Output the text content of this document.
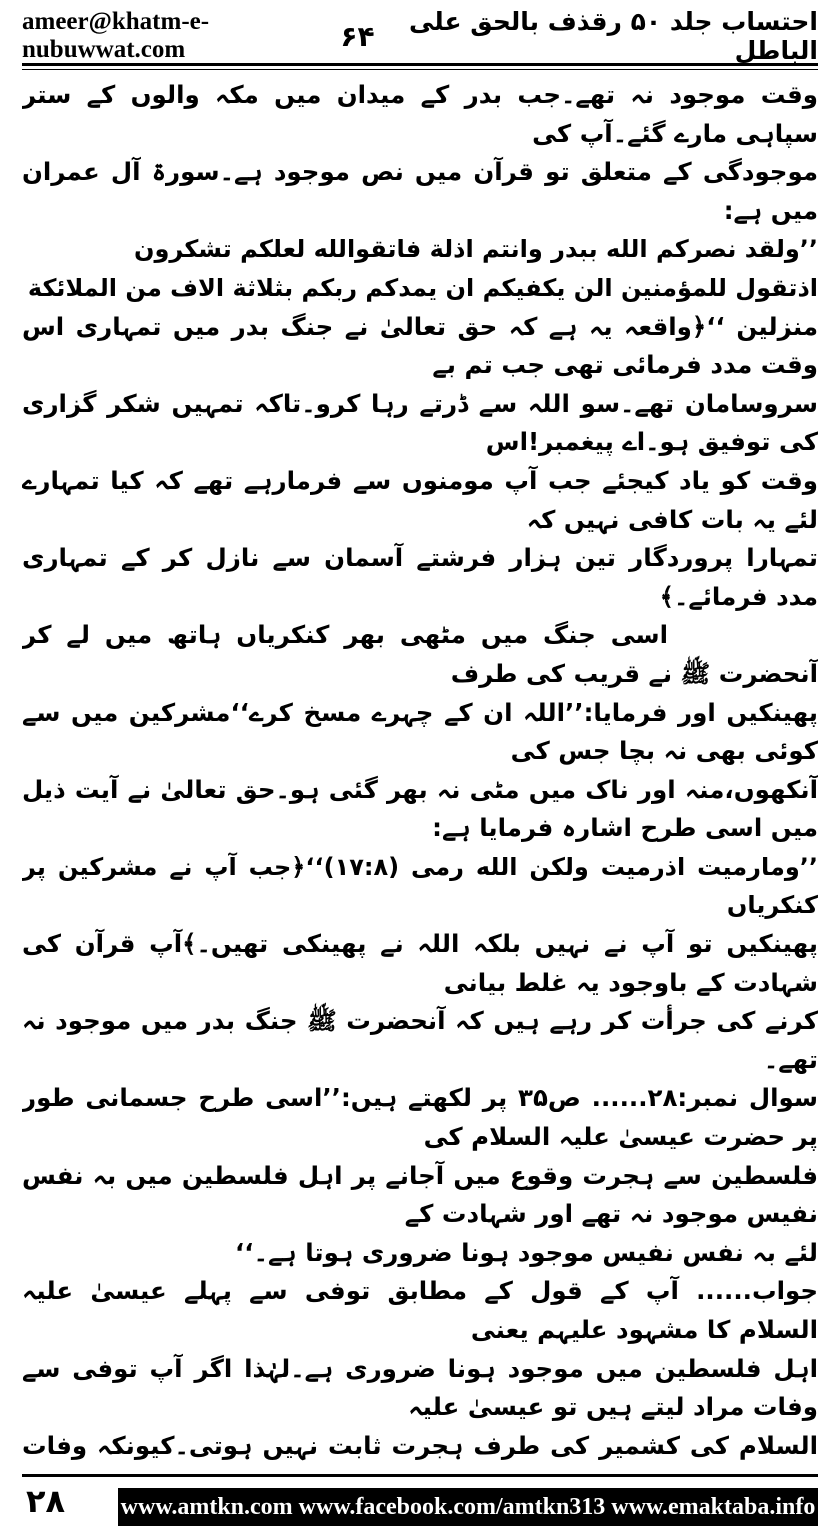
ameer@khatm-e-nubuwwat.com	۶۴	احتساب جلد ۵۰ رقذف بالحق علی الباطل

وقت موجود نہ تھے۔جب بدر کے میدان میں مکہ والوں کے ستر سپاہی مارے گئے۔آپ کی

موجودگی کے متعلق تو قرآن میں نص موجود ہے۔سورۃ آل عمران میں ہے:

’’ولقد نصرکم الله ببدر وانتم اذلة فاتقوالله لعلکم تشکرون

اذتقول للمؤمنین الن یکفیکم ان یمدکم ربکم بثلاثة الاف من الملائکة

منزلین ‘‘﴿واقعہ یہ ہے کہ حق تعالیٰ نے جنگ بدر میں تمہاری اس وقت مدد فرمائی تھی جب تم بے

سروسامان تھے۔سو اللہ سے ڈرتے رہا کرو۔تاکہ تمہیں شکر گزاری کی توفیق ہو۔اے پیغمبر!اس

وقت کو یاد کیجئے جب آپ مومنوں سے فرمارہے تھے کہ کیا تمہارے لئے یہ بات کافی نہیں کہ

تمہارا پروردگار تین ہزار فرشتے آسمان سے نازل کر کے تمہاری مدد فرمائے۔﴾

اسی جنگ میں مٹھی بھر کنکریاں ہاتھ میں لے کر آنحضرت ﷺ نے قریب کی طرف

پھینکیں اور فرمایا:’’اللہ ان کے چہرے مسخ کرے‘‘مشرکین میں سے کوئی بھی نہ بچا جس کی

آنکھوں،منہ اور ناک میں مٹی نہ بھر گئی ہو۔حق تعالیٰ نے آیت ذیل میں اسی طرح اشارہ فرمایا ہے:

’’ومارمیت اذرمیت ولکن الله رمی (۱۷:۸)‘‘﴿جب آپ نے مشرکین پر کنکریاں

پھینکیں تو آپ نے نہیں بلکہ اللہ نے پھینکی تھیں۔﴾آپ قرآن کی شہادت کے باوجود یہ غلط بیانی

کرنے کی جرأت کر رہے ہیں کہ آنحضرت ﷺ جنگ بدر میں موجود نہ تھے۔

سوال نمبر:۲۸...... ص۳۵ پر لکھتے ہیں:’’اسی طرح جسمانی طور پر حضرت عیسیٰ علیہ السلام کی

فلسطین سے ہجرت وقوع میں آجانے پر اہل فلسطین میں بہ نفس نفیس موجود نہ تھے اور شہادت کے

لئے بہ نفس نفیس موجود ہونا ضروری ہوتا ہے۔‘‘

جواب...... آپ کے قول کے مطابق توفی سے پہلے عیسیٰ علیہ السلام کا مشہود علیہم یعنی

اہل فلسطین میں موجود ہونا ضروری ہے۔لہٰذا اگر آپ توفی سے وفات مراد لیتے ہیں تو عیسیٰ علیہ

السلام کی کشمیر کی طرف ہجرت ثابت نہیں ہوتی۔کیونکہ وفات

۲۸ www.amtkn.com www.facebook.com/amtkn313 www.emaktaba.info
